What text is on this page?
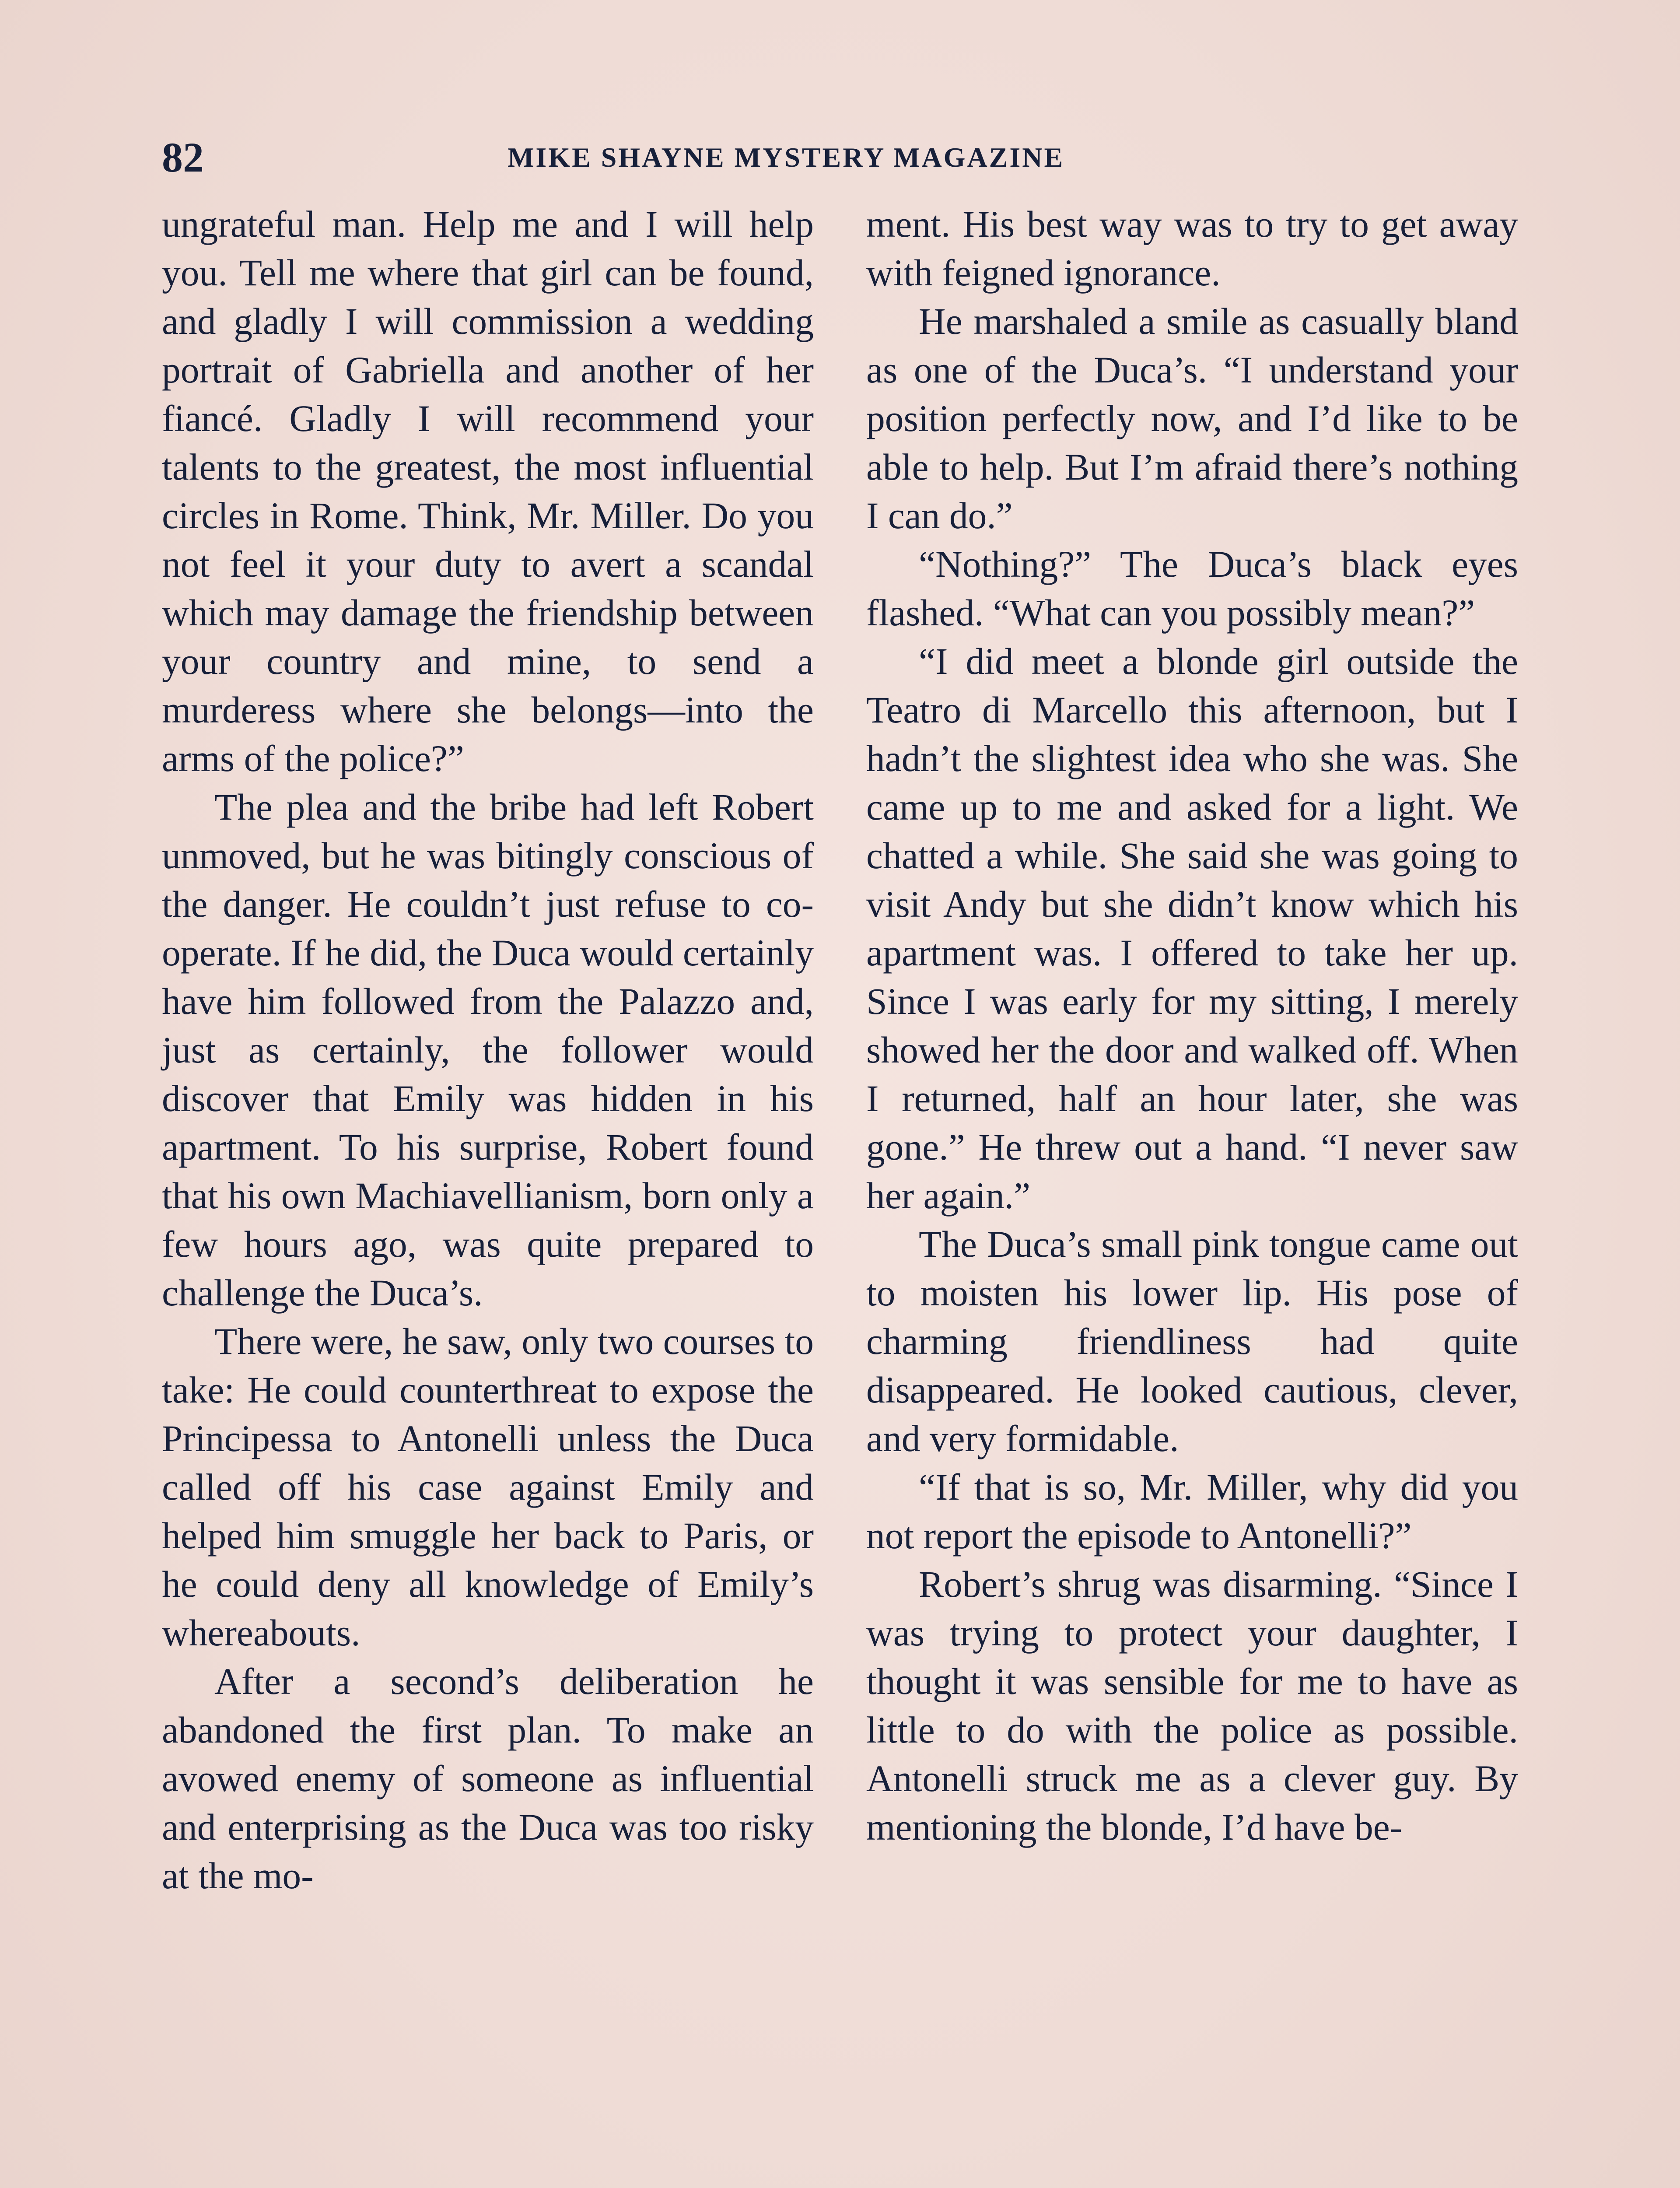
82	MIKE SHAYNE MYSTERY MAGAZINE

ungrateful man. Help me and I will help you. Tell me where that girl can be found, and gladly I will commission a wedding portrait of Gabriella and another of her fiancé. Gladly I will recommend your talents to the greatest, the most influential circles in Rome. Think, Mr. Miller. Do you not feel it your duty to avert a scandal which may damage the friendship between your country and mine, to send a murderess where she belongs—into the arms of the police?”

The plea and the bribe had left Robert unmoved, but he was bitingly conscious of the danger. He couldn’t just refuse to co-operate. If he did, the Duca would certainly have him followed from the Palazzo and, just as certainly, the follower would discover that Emily was hidden in his apartment. To his surprise, Robert found that his own Machiavellianism, born only a few hours ago, was quite prepared to challenge the Duca’s.

There were, he saw, only two courses to take: He could counterthreat to expose the Principessa to Antonelli unless the Duca called off his case against Emily and helped him smuggle her back to Paris, or he could deny all knowledge of Emily’s whereabouts.

After a second’s deliberation he abandoned the first plan. To make an avowed enemy of someone as influential and enterprising as the Duca was too risky at the mo-

ment. His best way was to try to get away with feigned ignorance.

He marshaled a smile as casually bland as one of the Duca’s. “I understand your position perfectly now, and I’d like to be able to help. But I’m afraid there’s nothing I can do.”

“Nothing?” The Duca’s black eyes flashed. “What can you possibly mean?”

“I did meet a blonde girl outside the Teatro di Marcello this afternoon, but I hadn’t the slightest idea who she was. She came up to me and asked for a light. We chatted a while. She said she was going to visit Andy but she didn’t know which his apartment was. I offered to take her up. Since I was early for my sitting, I merely showed her the door and walked off. When I returned, half an hour later, she was gone.” He threw out a hand. “I never saw her again.”

The Duca’s small pink tongue came out to moisten his lower lip. His pose of charming friendliness had quite disappeared. He looked cautious, clever, and very formidable.

“If that is so, Mr. Miller, why did you not report the episode to Antonelli?”

Robert’s shrug was disarming. “Since I was trying to protect your daughter, I thought it was sensible for me to have as little to do with the police as possible. Antonelli struck me as a clever guy. By mentioning the blonde, I’d have be-
